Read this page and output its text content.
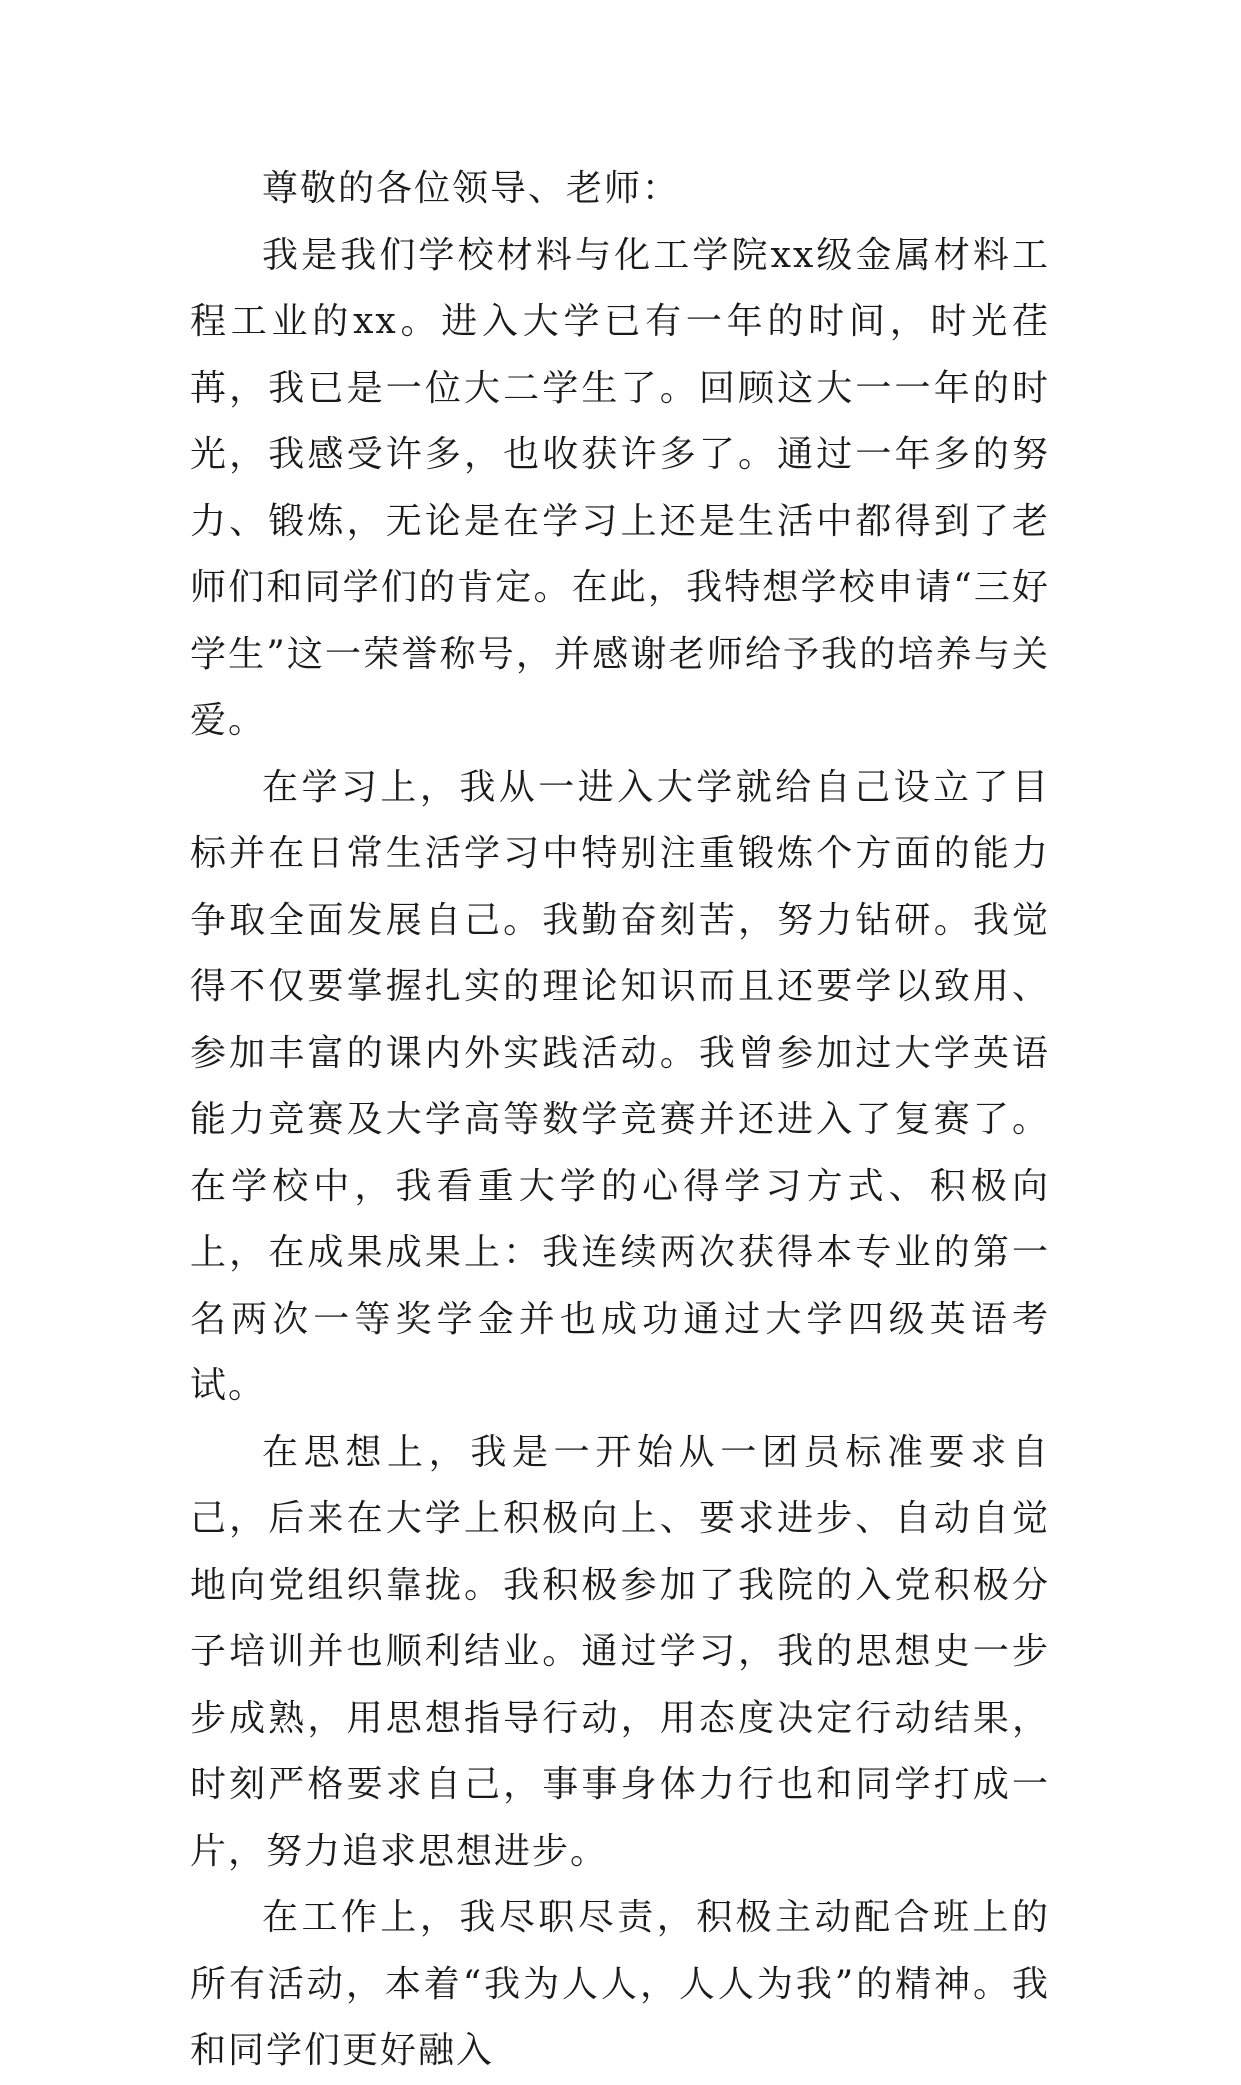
尊敬的各位领导、老师：

我是我们学校材料与化工学院xx级金属材料工程工业的xx。进入大学已有一年的时间，时光荏苒，我已是一位大二学生了。回顾这大一一年的时光，我感受许多，也收获许多了。通过一年多的努力、锻炼，无论是在学习上还是生活中都得到了老师们和同学们的肯定。在此，我特想学校申请“三好学生”这一荣誉称号，并感谢老师给予我的培养与关爱。

在学习上，我从一进入大学就给自己设立了目标并在日常生活学习中特别注重锻炼个方面的能力争取全面发展自己。我勤奋刻苦，努力钻研。我觉得不仅要掌握扎实的理论知识而且还要学以致用、参加丰富的课内外实践活动。我曾参加过大学英语能力竞赛及大学高等数学竞赛并还进入了复赛了。在学校中，我看重大学的心得学习方式、积极向上，在成果成果上：我连续两次获得本专业的第一名两次一等奖学金并也成功通过大学四级英语考试。

在思想上，我是一开始从一团员标准要求自己，后来在大学上积极向上、要求进步、自动自觉地向党组织靠拢。我积极参加了我院的入党积极分子培训并也顺利结业。通过学习，我的思想史一步步成熟，用思想指导行动，用态度决定行动结果，时刻严格要求自己，事事身体力行也和同学打成一片，努力追求思想进步。

在工作上，我尽职尽责，积极主动配合班上的所有活动，本着“我为人人，人人为我”的精神。我和同学们更好融入
